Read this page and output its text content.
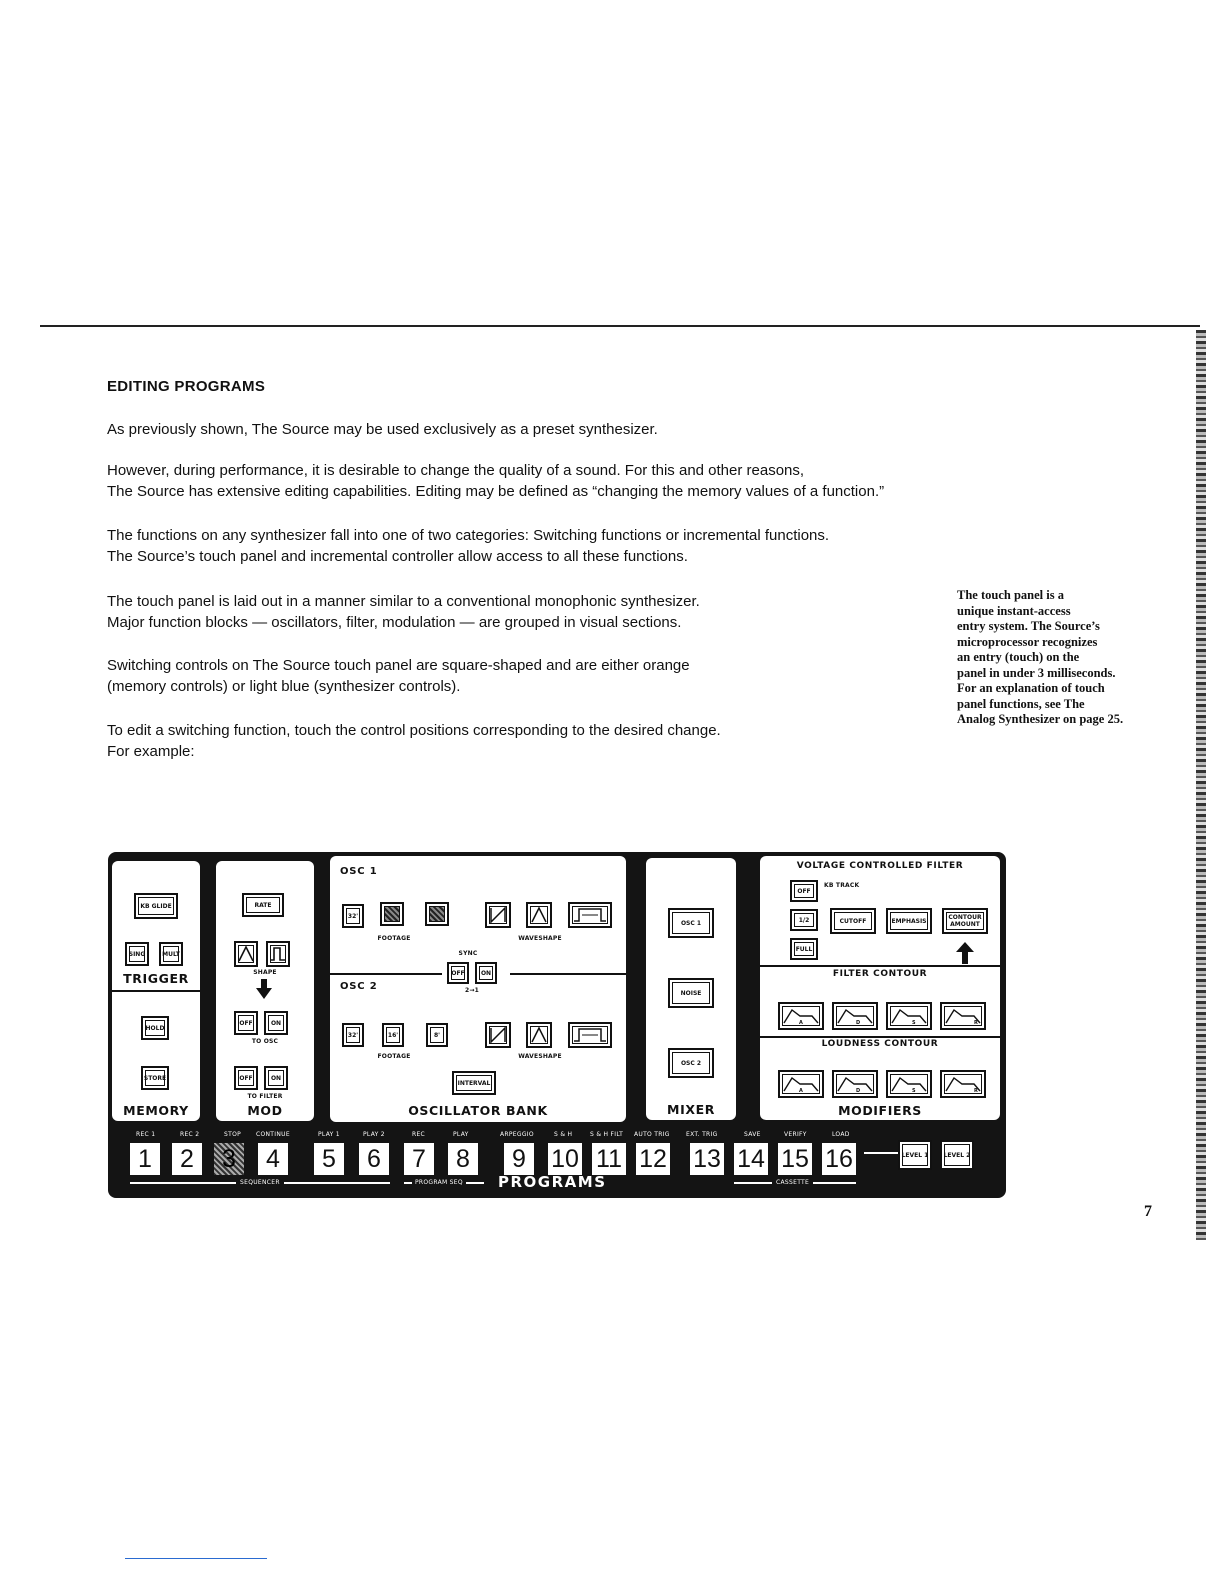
EDITING PROGRAMS

As previously shown, The Source may be used exclusively as a preset synthesizer.

However, during performance, it is desirable to change the quality of a sound. For this and other reasons,

The Source has extensive editing capabilities. Editing may be defined as “changing the memory values of a function.”

The functions on any synthesizer fall into one of two categories: Switching functions or incremental functions.

The Source’s touch panel and incremental controller allow access to all these functions.

The touch panel is laid out in a manner similar to a conventional monophonic synthesizer.

Major function blocks — oscillators, filter, modulation — are grouped in visual sections.

Switching controls on The Source touch panel are square-shaped and are either orange

(memory controls) or light blue (synthesizer controls).

To edit a switching function, touch the control positions corresponding to the desired change.

For example:

The touch panel is a
unique instant-access
entry system. The Source’s
microprocessor recognizes
an entry (touch) on the
panel in under 3 milliseconds.
For an explanation of touch
panel functions, see The
Analog Synthesizer on page 25.
KB GLIDE
SING	MULT
TRIGGER
HOLD
STORE
MEMORY
RATE
SHAPE
OFF	ON
TO OSC
OFF	ON
TO FILTER
MOD
OSC 1
32'
FOOTAGE	WAVESHAPE
SYNC
OFF	ON
2→1
OSC 2
32'	16'	8'
FOOTAGE	WAVESHAPE
INTERVAL
OSCILLATOR BANK
OSC 1
NOISE
OSC 2
MIXER
VOLTAGE CONTROLLED FILTER
OFF
KB TRACK
1/2
FULL
CUTOFF	EMPHASIS	CONTOUR AMOUNT
FILTER CONTOUR
A	D	S	R
LOUDNESS CONTOUR
A	D	S	R
MODIFIERS
REC 1	REC 2	STOP CONTINUE	PLAY 1	PLAY 2	REC	PLAY	ARPEGGIO	S & H	S & H FILT AUTO TRIG	EXT. TRIG	SAVE	VERIFY	LOAD
1	2	3	4	5	6	7	8	9	10 11 12 13 14 15 16	LEVEL 1	LEVEL 2
SEQUENCER	PROGRAM SEQ PROGRAMS	CASSETTE
7
